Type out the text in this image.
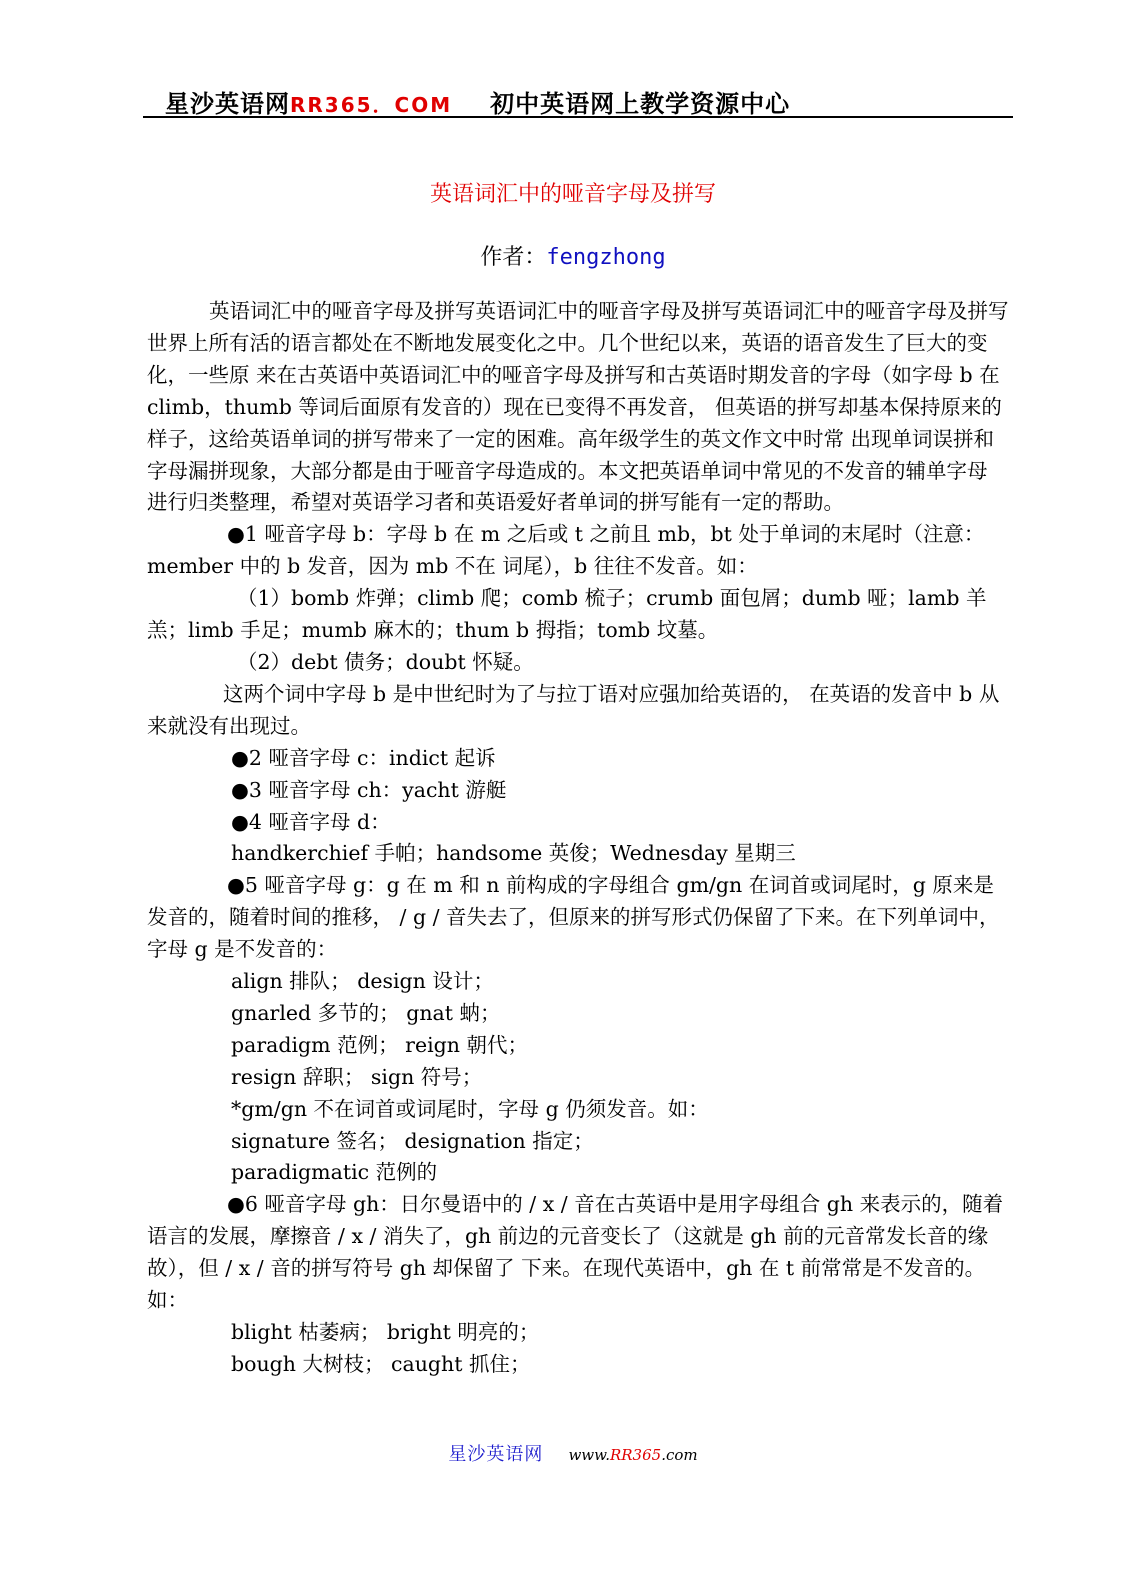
星沙英语网RR365．COM 初中英语网上教学资源中心
英语词汇中的哑音字母及拼写
作者：fengzhong

英语词汇中的哑音字母及拼写英语词汇中的哑音字母及拼写英语词汇中的哑音字母及拼写世界上所有活的语言都处在不断地发展变化之中。几个世纪以来，英语的语音发生了巨大的变化，一些原 来在古英语中英语词汇中的哑音字母及拼写和古英语时期发音的字母（如字母 b 在 climb，thumb 等词后面原有发音的）现在已变得不再发音， 但英语的拼写却基本保持原来的样子，这给英语单词的拼写带来了一定的困难。高年级学生的英文作文中时常 出现单词误拼和字母漏拼现象，大部分都是由于哑音字母造成的。本文把英语单词中常见的不发音的辅单字母 进行归类整理，希望对英语学习者和英语爱好者单词的拼写能有一定的帮助。

●1 哑音字母 b：字母 b 在 m 之后或 t 之前且 mb，bt 处于单词的末尾时（注意：member 中的 b 发音，因为 mb 不在 词尾），b 往往不发音。如：

（1）bomb 炸弹；climb 爬；comb 梳子；crumb 面包屑；dumb 哑；lamb 羊羔；limb 手足；mumb 麻木的；thum b 拇指；tomb 坟墓。

（2）debt 债务；doubt 怀疑。

这两个词中字母 b 是中世纪时为了与拉丁语对应强加给英语的， 在英语的发音中 b 从来就没有出现过。

●2 哑音字母 c：indict 起诉

●3 哑音字母 ch：yacht 游艇

●4 哑音字母 d：

handkerchief 手帕；handsome 英俊；Wednesday 星期三

●5 哑音字母 g：g 在 m 和 n 前构成的字母组合 gm/gn 在词首或词尾时，g 原来是发音的，随着时间的推移， / g / 音失去了，但原来的拼写形式仍保留了下来。在下列单词中，字母 g 是不发音的：

align 排队； design 设计；

gnarled 多节的； gnat 蚋；

paradigm 范例； reign 朝代；

resign 辞职； sign 符号；

*gm/gn 不在词首或词尾时，字母 g 仍须发音。如：

signature 签名； designation 指定；

paradigmatic 范例的

●6 哑音字母 gh：日尔曼语中的 / x / 音在古英语中是用字母组合 gh 来表示的，随着语言的发展，摩擦音 / x / 消失了，gh 前边的元音变长了（这就是 gh 前的元音常发长音的缘故），但 / x / 音的拼写符号 gh 却保留了 下来。在现代英语中，gh 在 t 前常常是不发音的。如：

blight 枯萎病； bright 明亮的；

bough 大树枝； caught 抓住；

星沙英语网 www.RR365.com
